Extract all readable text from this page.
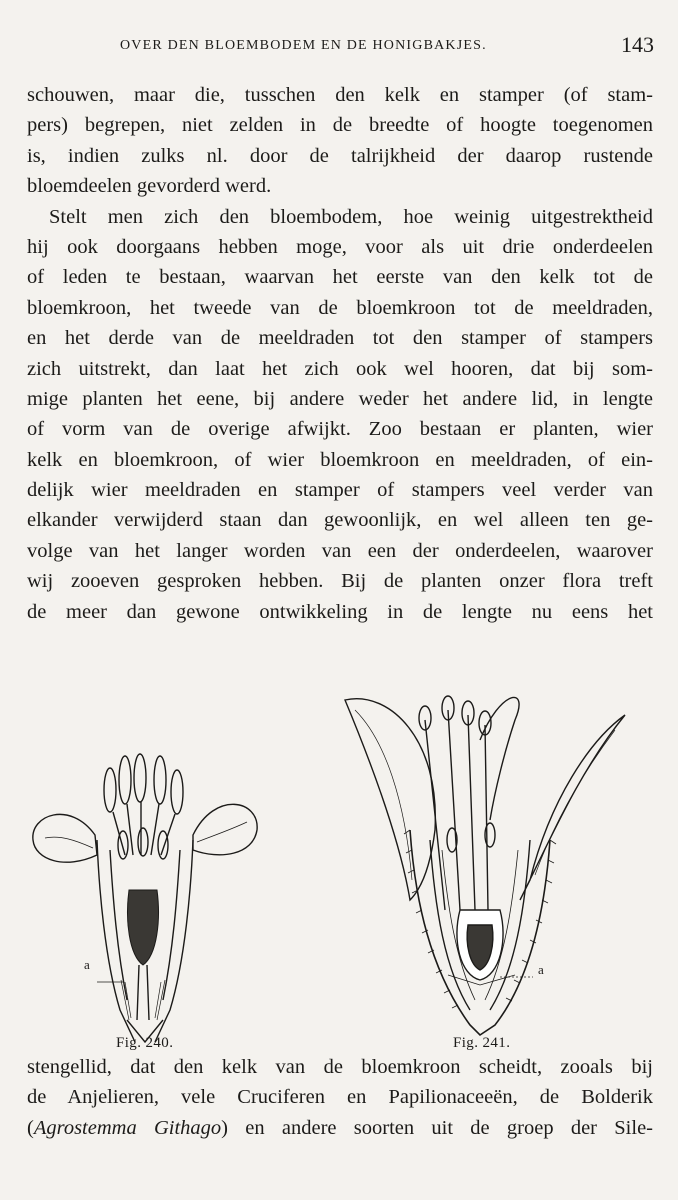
OVER DEN BLOEMBODEM EN DE HONIGBAKJES.	143
schouwen, maar die, tusschen den kelk en stamper (of stam-
pers) begrepen, niet zelden in de breedte of hoogte toegenomen
is, indien zulks nl. door de talrijkheid der daarop rustende
bloemdeelen gevorderd werd.
Stelt men zich den bloembodem, hoe weinig uitgestrektheid
hij ook doorgaans hebben moge, voor als uit drie onderdeelen
of leden te bestaan, waarvan het eerste van den kelk tot de
bloemkroon, het tweede van de bloemkroon tot de meeldraden,
en het derde van de meeldraden tot den stamper of stampers
zich uitstrekt, dan laat het zich ook wel hooren, dat bij som-
mige planten het eene, bij andere weder het andere lid, in lengte
of vorm van de overige afwijkt. Zoo bestaan er planten, wier
kelk en bloemkroon, of wier bloemkroon en meeldraden, of ein-
delijk wier meeldraden en stamper of stampers veel verder van
elkander verwijderd staan dan gewoonlijk, en wel alleen ten ge-
volge van het langer worden van een der onderdeelen, waarover
wij zooeven gesproken hebben. Bij de planten onzer flora treft
de meer dan gewone ontwikkeling in de lengte nu eens het
a	a
Fig. 240.	Fig. 241.
stengellid, dat den kelk van de bloemkroon scheidt, zooals bij
de Anjelieren, vele Cruciferen en Papilionaceeën, de Bolderik
(Agrostemma Githago) en andere soorten uit de groep der Sile-
